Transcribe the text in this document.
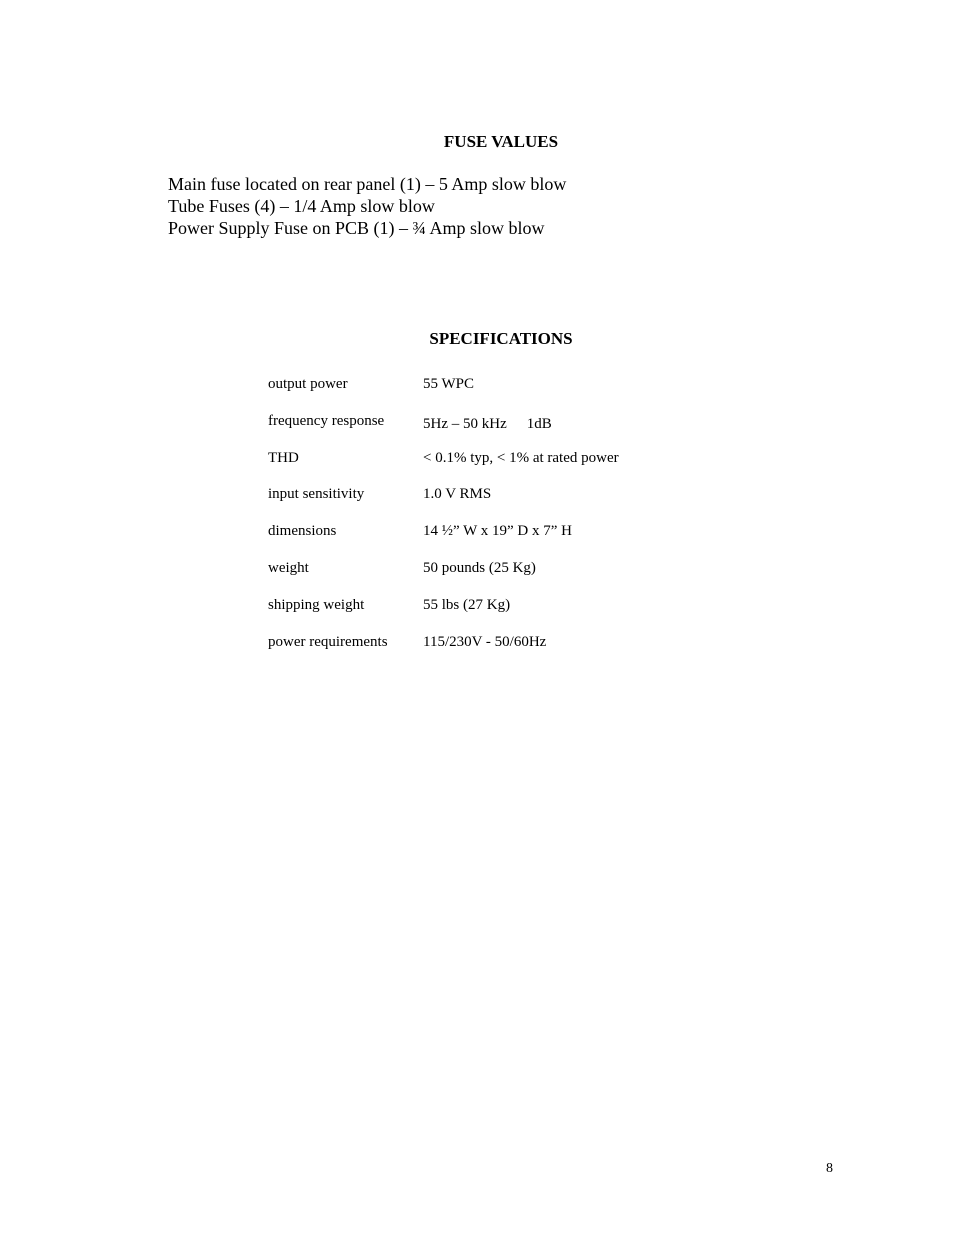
FUSE VALUES
Main fuse located on rear panel (1) – 5 Amp slow blow
Tube Fuses (4) – 1/4 Amp slow blow
Power Supply Fuse on PCB (1) – ¾ Amp slow blow
SPECIFICATIONS
output power	55 WPC
frequency response	5Hz – 50 kHz 1dB
THD	< 0.1% typ, < 1% at rated power
input sensitivity	1.0 V RMS
dimensions	14 ½” W x 19” D x 7” H
weight	50 pounds (25 Kg)
shipping weight	55 lbs (27 Kg)
power requirements 115/230V - 50/60Hz
8
